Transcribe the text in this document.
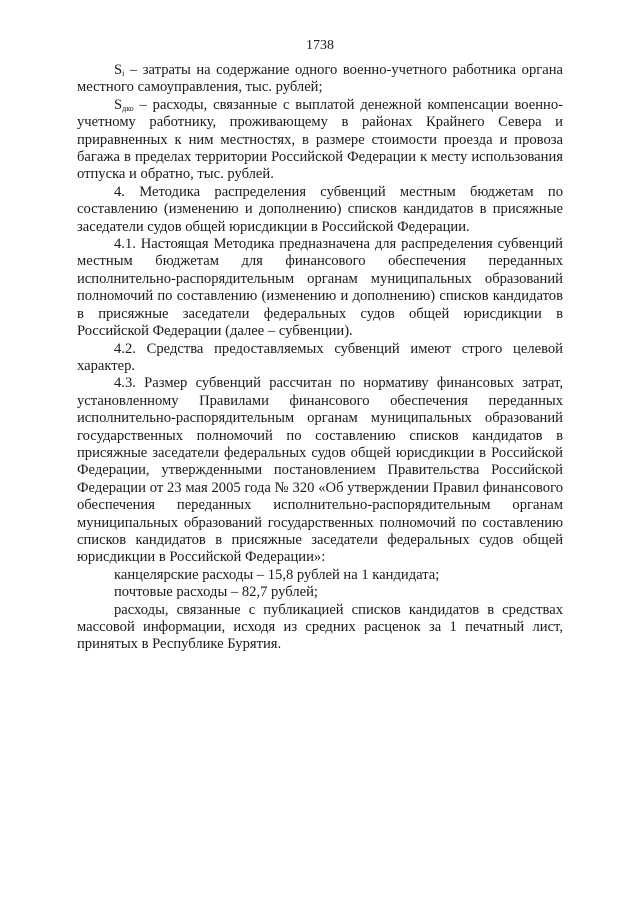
1738

$S_i$ – затраты на содержание одного военно-учетного работника органа местного самоуправления, тыс. рублей;

$S_{дко}$ – расходы, связанные с выплатой денежной компенсации военно-учетному работнику, проживающему в районах Крайнего Севера и приравненных к ним местностях, в размере стоимости проезда и провоза багажа в пределах территории Российской Федерации к месту использования отпуска и обратно, тыс. рублей.

4. Методика распределения субвенций местным бюджетам по составлению (изменению и дополнению) списков кандидатов в присяжные заседатели судов общей юрисдикции в Российской Федерации.

4.1. Настоящая Методика предназначена для распределения субвенций местным бюджетам для финансового обеспечения переданных исполнительно-распорядительным органам муниципальных образований полномочий по составлению (изменению и дополнению) списков кандидатов в присяжные заседатели федеральных судов общей юрисдикции в Российской Федерации (далее – субвенции).

4.2. Средства предоставляемых субвенций имеют строго целевой характер.

4.3. Размер субвенций рассчитан по нормативу финансовых затрат, установленному Правилами финансового обеспечения переданных исполнительно-распорядительным органам муниципальных образований государственных полномочий по составлению списков кандидатов в присяжные заседатели федеральных судов общей юрисдикции в Российской Федерации, утвержденными постановлением Правительства Российской Федерации от 23 мая 2005 года № 320 «Об утверждении Правил финансового обеспечения переданных исполнительно-распорядительным органам муниципальных образований государственных полномочий по составлению списков кандидатов в присяжные заседатели федеральных судов общей юрисдикции в Российской Федерации»:

канцелярские расходы – 15,8 рублей на 1 кандидата;

почтовые расходы – 82,7 рублей;

расходы, связанные с публикацией списков кандидатов в средствах массовой информации, исходя из средних расценок за 1 печатный лист, принятых в Республике Бурятия.
